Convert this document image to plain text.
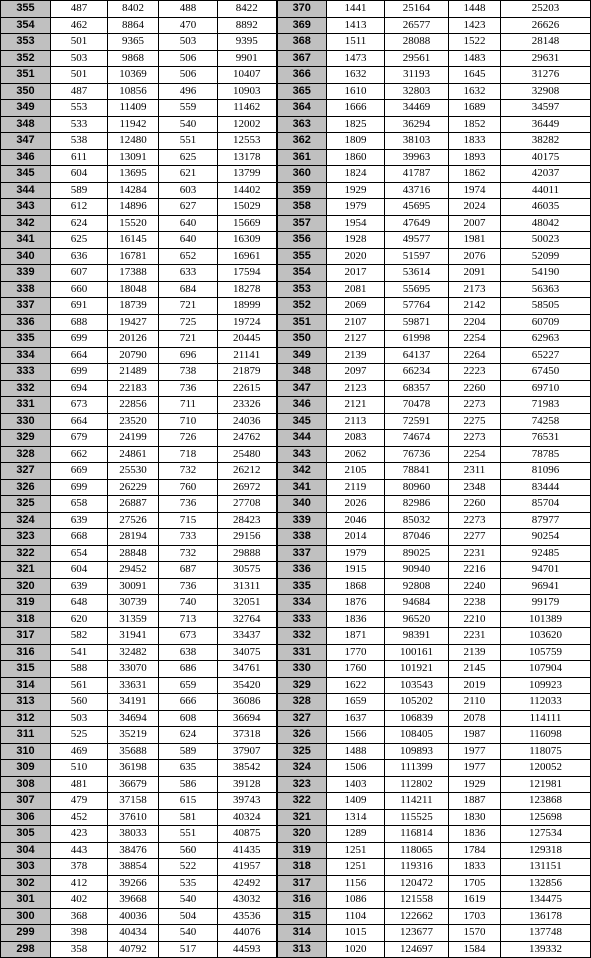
355	487	8402	488	8422	370	1441	25164	1448	25203
354	462	8864	470	8892	369	1413	26577	1423	26626
353	501	9365	503	9395	368	1511	28088	1522	28148
352	503	9868	506	9901	367	1473	29561	1483	29631
351	501	10369	506	10407	366	1632	31193	1645	31276
350	487	10856	496	10903	365	1610	32803	1632	32908
349	553	11409	559	11462	364	1666	34469	1689	34597
348	533	11942	540	12002	363	1825	36294	1852	36449
347	538	12480	551	12553	362	1809	38103	1833	38282
346	611	13091	625	13178	361	1860	39963	1893	40175
345	604	13695	621	13799	360	1824	41787	1862	42037
344	589	14284	603	14402	359	1929	43716	1974	44011
343	612	14896	627	15029	358	1979	45695	2024	46035
342	624	15520	640	15669	357	1954	47649	2007	48042
341	625	16145	640	16309	356	1928	49577	1981	50023
340	636	16781	652	16961	355	2020	51597	2076	52099
339	607	17388	633	17594	354	2017	53614	2091	54190
338	660	18048	684	18278	353	2081	55695	2173	56363
337	691	18739	721	18999	352	2069	57764	2142	58505
336	688	19427	725	19724	351	2107	59871	2204	60709
335	699	20126	721	20445	350	2127	61998	2254	62963
334	664	20790	696	21141	349	2139	64137	2264	65227
333	699	21489	738	21879	348	2097	66234	2223	67450
332	694	22183	736	22615	347	2123	68357	2260	69710
331	673	22856	711	23326	346	2121	70478	2273	71983
330	664	23520	710	24036	345	2113	72591	2275	74258
329	679	24199	726	24762	344	2083	74674	2273	76531
328	662	24861	718	25480	343	2062	76736	2254	78785
327	669	25530	732	26212	342	2105	78841	2311	81096
326	699	26229	760	26972	341	2119	80960	2348	83444
325	658	26887	736	27708	340	2026	82986	2260	85704
324	639	27526	715	28423	339	2046	85032	2273	87977
323	668	28194	733	29156	338	2014	87046	2277	90254
322	654	28848	732	29888	337	1979	89025	2231	92485
321	604	29452	687	30575	336	1915	90940	2216	94701
320	639	30091	736	31311	335	1868	92808	2240	96941
319	648	30739	740	32051	334	1876	94684	2238	99179
318	620	31359	713	32764	333	1836	96520	2210	101389
317	582	31941	673	33437	332	1871	98391	2231	103620
316	541	32482	638	34075	331	1770	100161	2139	105759
315	588	33070	686	34761	330	1760	101921	2145	107904
314	561	33631	659	35420	329	1622	103543	2019	109923
313	560	34191	666	36086	328	1659	105202	2110	112033
312	503	34694	608	36694	327	1637	106839	2078	114111
311	525	35219	624	37318	326	1566	108405	1987	116098
310	469	35688	589	37907	325	1488	109893	1977	118075
309	510	36198	635	38542	324	1506	111399	1977	120052
308	481	36679	586	39128	323	1403	112802	1929	121981
307	479	37158	615	39743	322	1409	114211	1887	123868
306	452	37610	581	40324	321	1314	115525	1830	125698
305	423	38033	551	40875	320	1289	116814	1836	127534
304	443	38476	560	41435	319	1251	118065	1784	129318
303	378	38854	522	41957	318	1251	119316	1833	131151
302	412	39266	535	42492	317	1156	120472	1705	132856
301	402	39668	540	43032	316	1086	121558	1619	134475
300	368	40036	504	43536	315	1104	122662	1703	136178
299	398	40434	540	44076	314	1015	123677	1570	137748
298	358	40792	517	44593	313	1020	124697	1584	139332
